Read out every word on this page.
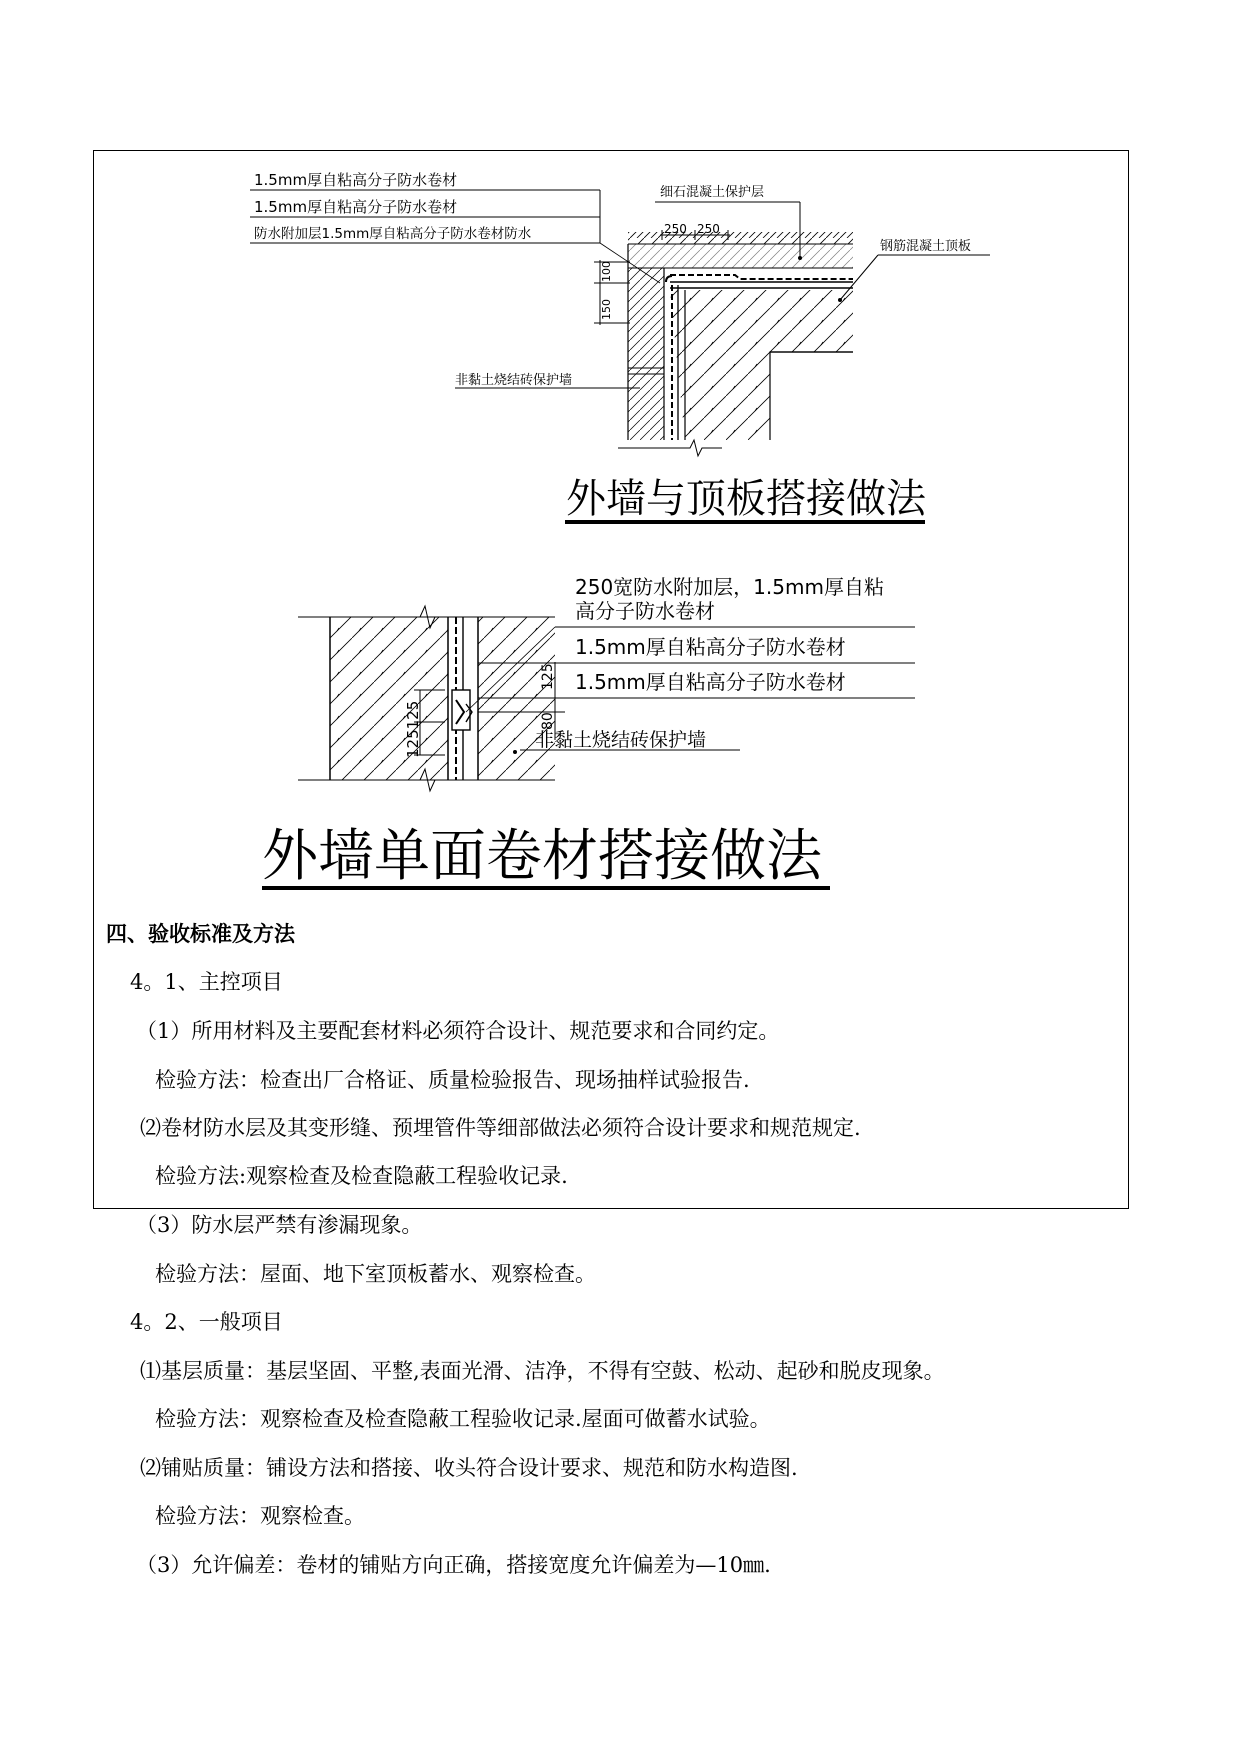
1.5mm厚自粘高分子防水卷材
1.5mm厚自粘高分子防水卷材
防水附加层1.5mm厚自粘高分子防水卷材防水
细石混凝土保护层
钢筋混凝土顶板
250 250
100
150
非黏土烧结砖保护墙
外墙与顶板搭接做法
250宽防水附加层，1.5mm厚自粘
高分子防水卷材
1.5mm厚自粘高分子防水卷材
1.5mm厚自粘高分子防水卷材
125
80
125125	非黏土烧结砖保护墙
外墙单面卷材搭接做法
四、验收标准及方法
4。1、主控项目
（1）所用材料及主要配套材料必须符合设计、规范要求和合同约定。
检验方法：检查出厂合格证、质量检验报告、现场抽样试验报告.
⑵卷材防水层及其变形缝、预埋管件等细部做法必须符合设计要求和规范规定.
检验方法:观察检查及检查隐蔽工程验收记录.
（3）防水层严禁有渗漏现象。
检验方法：屋面、地下室顶板蓄水、观察检查。
4。2、一般项目
⑴基层质量：基层坚固、平整,表面光滑、洁净，不得有空鼓、松动、起砂和脱皮现象。
检验方法：观察检查及检查隐蔽工程验收记录.屋面可做蓄水试验。
⑵铺贴质量：铺设方法和搭接、收头符合设计要求、规范和防水构造图.
检验方法：观察检查。
（3）允许偏差：卷材的铺贴方向正确，搭接宽度允许偏差为—10㎜.
